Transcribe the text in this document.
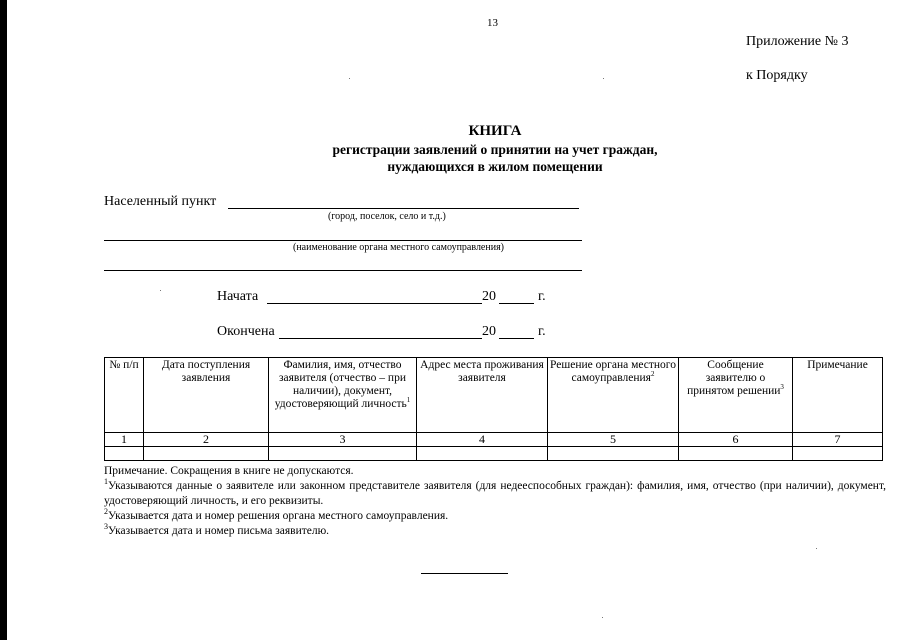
13
Приложение № 3
к Порядку
КНИГА
регистрации заявлений о принятии на учет граждан,
нуждающихся в жилом помещении
Населенный пункт
(город, поселок, село и т.д.)
(наименование органа местного самоуправления)
Начата	20	г.
Окончена	20	г.
№ п/п	Дата поступления заявления	Фамилия, имя, отчество заявителя (отчество – при наличии), документ, удостоверяющий личность$^1$	Адрес места проживания заявителя	Решение органа местного самоуправления$^2$	Сообщение заявителю о принятом решении$^3$	Примечание
1	2	3	4	5	6	7

Примечание. Сокращения в книге не допускаются.

$^1$Указываются данные о заявителе или законном представителе заявителя (для недееспособных граждан): фамилия, имя, отчество (при наличии), документ, удостоверяющий личность, и его реквизиты.

$^2$Указывается дата и номер решения органа местного самоуправления.

$^3$Указывается дата и номер письма заявителю.
